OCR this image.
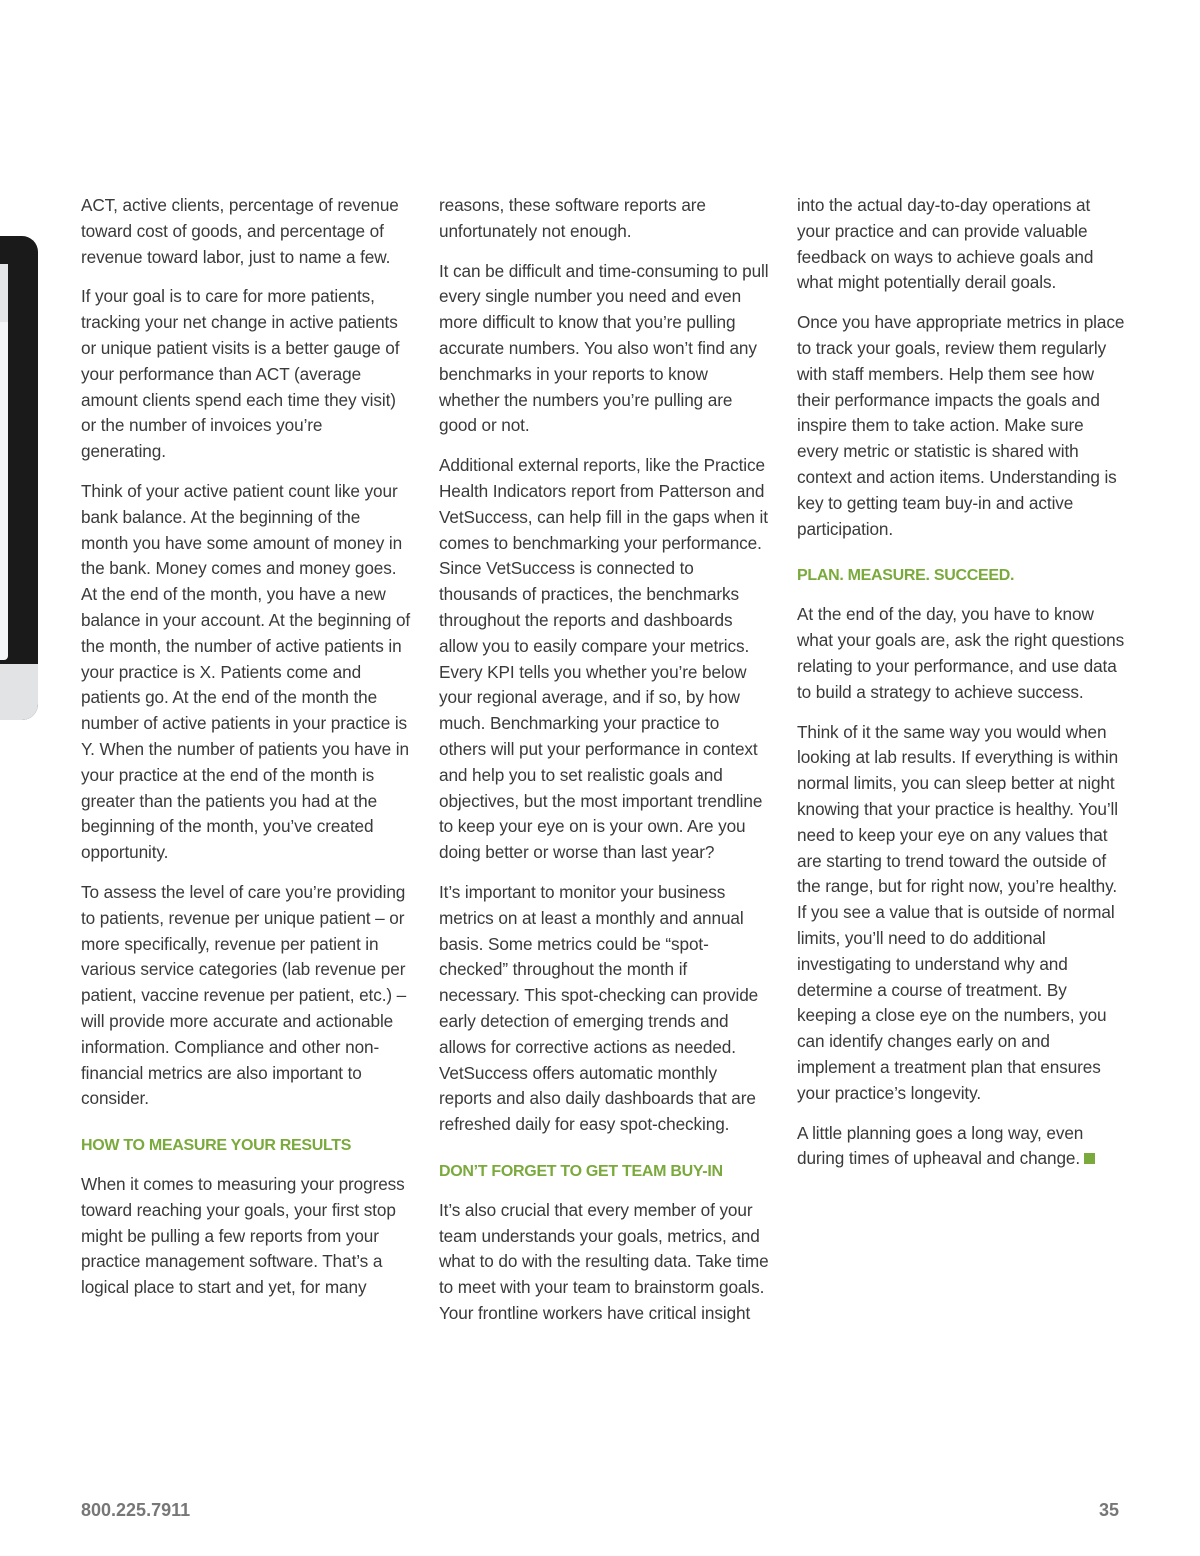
ACT, active clients, percentage of revenue toward cost of goods, and percentage of revenue toward labor, just to name a few.

If your goal is to care for more patients, tracking your net change in active patients or unique patient visits is a better gauge of your performance than ACT (average amount clients spend each time they visit) or the number of invoices you’re generating.

Think of your active patient count like your bank balance. At the beginning of the month you have some amount of money in the bank. Money comes and money goes. At the end of the month, you have a new balance in your account. At the beginning of the month, the number of active patients in your practice is X. Patients come and patients go. At the end of the month the number of active patients in your practice is Y. When the number of patients you have in your practice at the end of the month is greater than the patients you had at the beginning of the month, you’ve created opportunity.

To assess the level of care you’re providing to patients, revenue per unique patient – or more specifically, revenue per patient in various service categories (lab revenue per patient, vaccine revenue per patient, etc.) – will provide more accurate and actionable information. Compliance and other non-financial metrics are also important to consider.

HOW TO MEASURE YOUR RESULTS

When it comes to measuring your progress toward reaching your goals, your first stop might be pulling a few reports from your practice management software. That’s a logical place to start and yet, for many

reasons, these software reports are unfortunately not enough.

It can be difficult and time-consuming to pull every single number you need and even more difficult to know that you’re pulling accurate numbers. You also won’t find any benchmarks in your reports to know whether the numbers you’re pulling are good or not.

Additional external reports, like the Practice Health Indicators report from Patterson and VetSuccess, can help fill in the gaps when it comes to benchmarking your performance. Since VetSuccess is connected to thousands of practices, the benchmarks throughout the reports and dashboards allow you to easily compare your metrics. Every KPI tells you whether you’re below your regional average, and if so, by how much. Benchmarking your practice to others will put your performance in context and help you to set realistic goals and objectives, but the most important trendline to keep your eye on is your own. Are you doing better or worse than last year?

It’s important to monitor your business metrics on at least a monthly and annual basis. Some metrics could be “spot-checked” throughout the month if necessary. This spot-checking can provide early detection of emerging trends and allows for corrective actions as needed. VetSuccess offers automatic monthly reports and also daily dashboards that are refreshed daily for easy spot-checking.

DON’T FORGET TO GET TEAM BUY-IN

It’s also crucial that every member of your team understands your goals, metrics, and what to do with the resulting data. Take time to meet with your team to brainstorm goals. Your frontline workers have critical insight

into the actual day-to-day operations at your practice and can provide valuable feedback on ways to achieve goals and what might potentially derail goals.

Once you have appropriate metrics in place to track your goals, review them regularly with staff members. Help them see how their performance impacts the goals and inspire them to take action. Make sure every metric or statistic is shared with context and action items. Understanding is key to getting team buy-in and active participation.

PLAN. MEASURE. SUCCEED.

At the end of the day, you have to know what your goals are, ask the right questions relating to your performance, and use data to build a strategy to achieve success.

Think of it the same way you would when looking at lab results. If everything is within normal limits, you can sleep better at night knowing that your practice is healthy. You’ll need to keep your eye on any values that are starting to trend toward the outside of the range, but for right now, you’re healthy. If you see a value that is outside of normal limits, you’ll need to do additional investigating to understand why and determine a course of treatment. By keeping a close eye on the numbers, you can identify changes early on and implement a treatment plan that ensures your practice’s longevity.

A little planning goes a long way, even during times of upheaval and change.

800.225.7911	35
